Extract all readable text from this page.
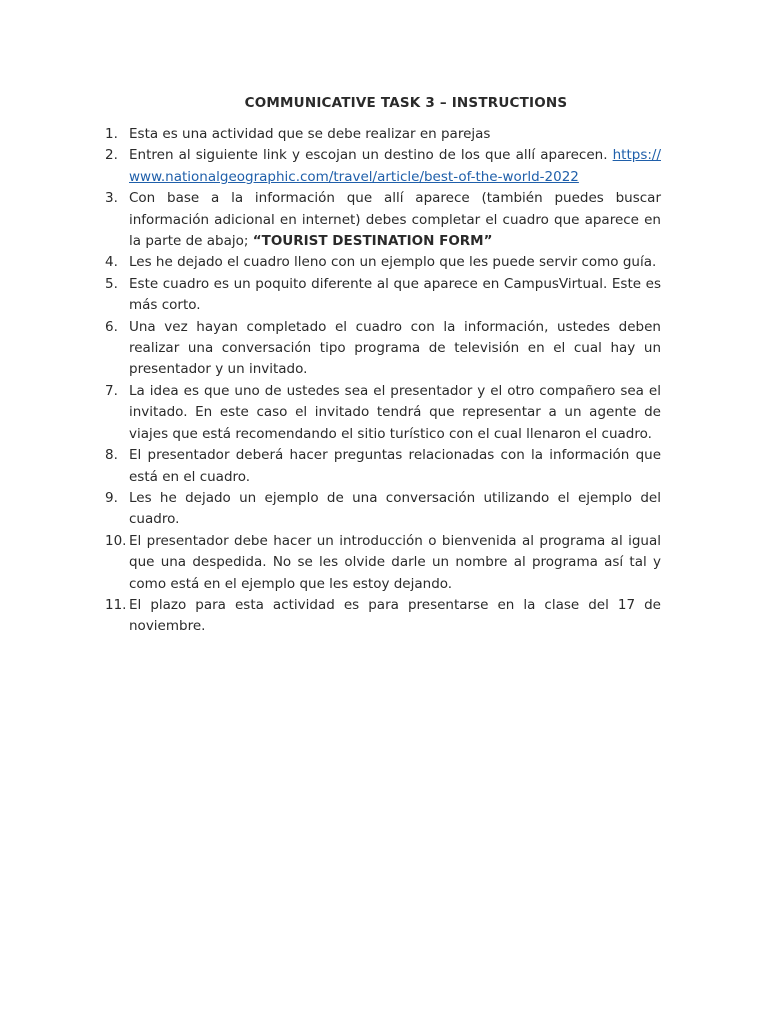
COMMUNICATIVE TASK 3 – INSTRUCTIONS
1. Esta es una actividad que se debe realizar en parejas
2. Entren al siguiente link y escojan un destino de los que allí aparecen. https://www.nationalgeographic.com/travel/article/best-of-the-world-2022
3. Con base a la información que allí aparece (también puedes buscar información adicional en internet) debes completar el cuadro que aparece en la parte de abajo; “TOURIST DESTINATION FORM”
4. Les he dejado el cuadro lleno con un ejemplo que les puede servir como guía.
5. Este cuadro es un poquito diferente al que aparece en CampusVirtual. Este es más corto.
6. Una vez hayan completado el cuadro con la información, ustedes deben realizar una conversación tipo programa de televisión en el cual hay un presentador y un invitado.
7. La idea es que uno de ustedes sea el presentador y el otro compañero sea el invitado. En este caso el invitado tendrá que representar a un agente de viajes que está recomendando el sitio turístico con el cual llenaron el cuadro.
8. El presentador deberá hacer preguntas relacionadas con la información que está en el cuadro.
9. Les he dejado un ejemplo de una conversación utilizando el ejemplo del cuadro.
10. El presentador debe hacer un introducción o bienvenida al programa al igual que una despedida. No se les olvide darle un nombre al programa así tal y como está en el ejemplo que les estoy dejando.
11. El plazo para esta actividad es para presentarse en la clase del 17 de noviembre.
